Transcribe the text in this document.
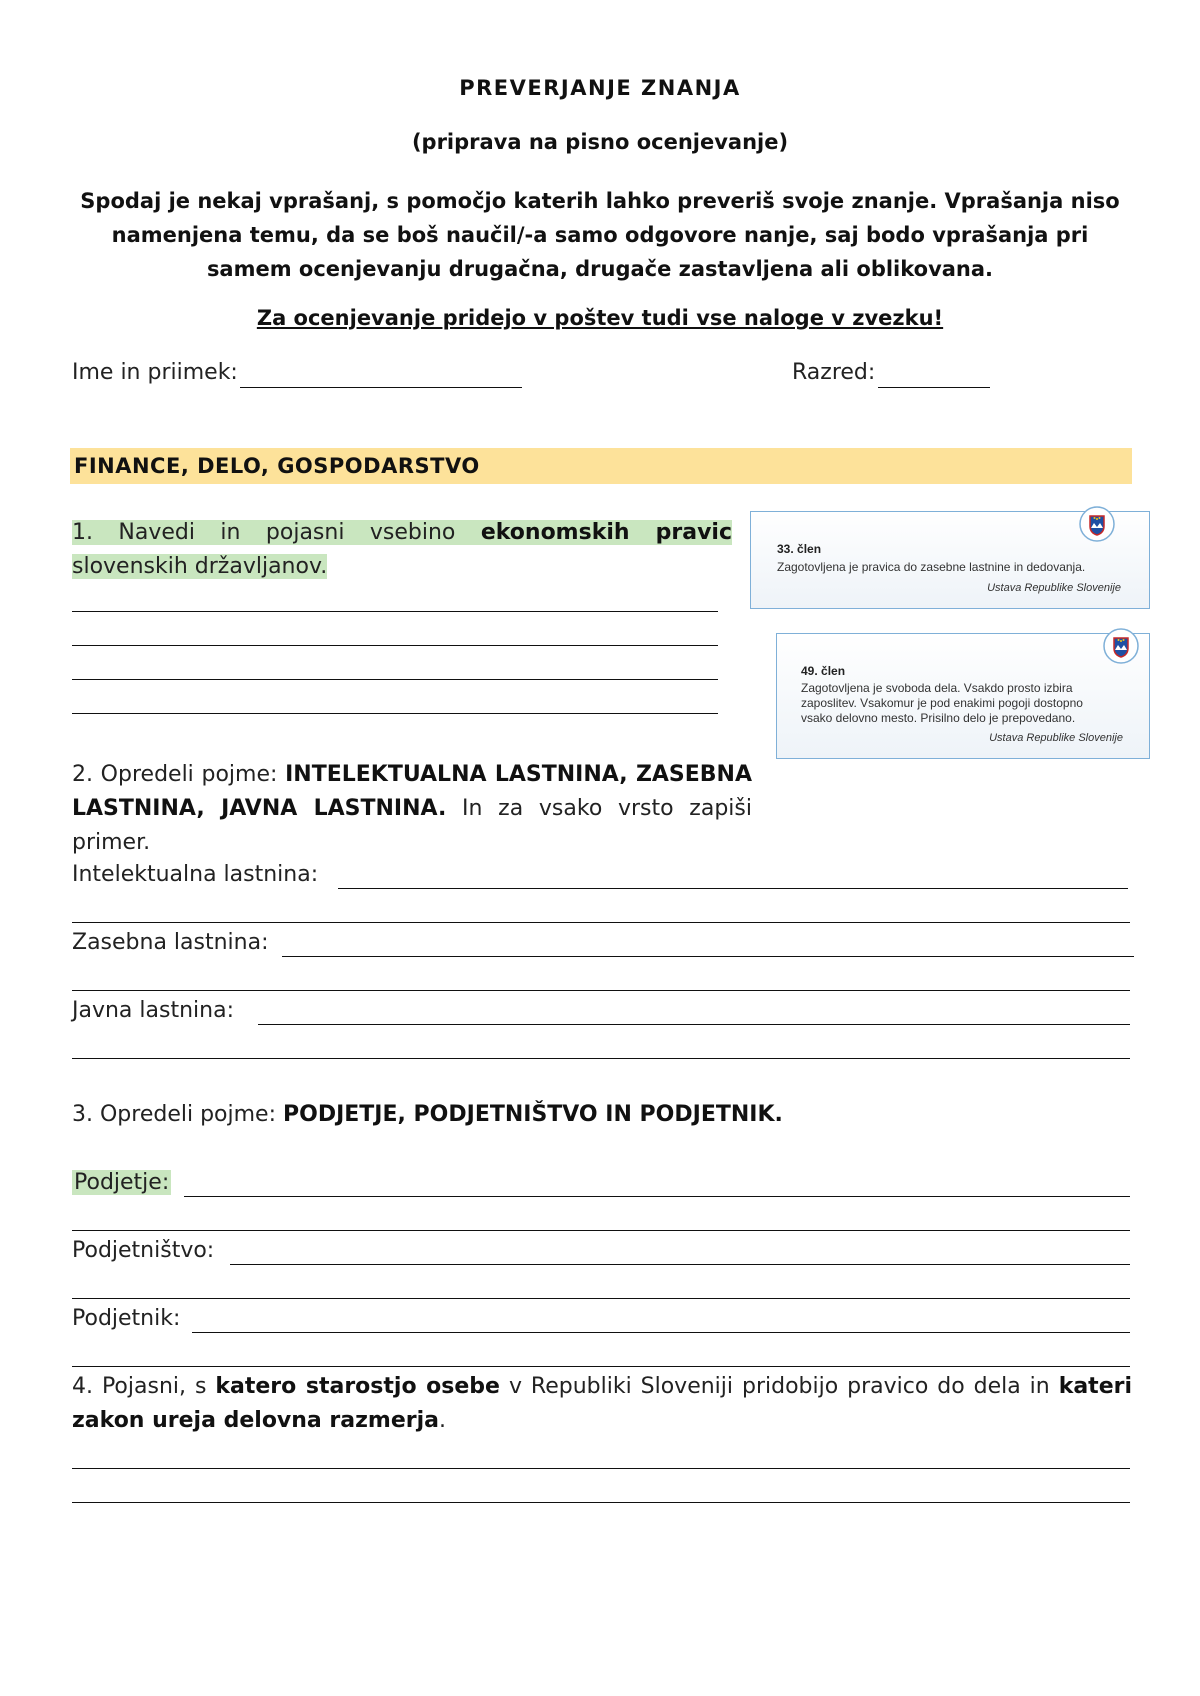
PREVERJANJE ZNANJA
(priprava na pisno ocenjevanje)
Spodaj je nekaj vprašanj, s pomočjo katerih lahko preveriš svoje znanje. Vprašanja niso namenjena temu, da se boš naučil/-a samo odgovore nanje, saj bodo vprašanja pri samem ocenjevanju drugačna, drugače zastavljena ali oblikovana.
Za ocenjevanje pridejo v poštev tudi vse naloge v zvezku!
Ime in priimek:	Razred:
FINANCE, DELO, GOSPODARSTVO
1. Navedi in pojasni vsebino ekonomskih pravic slovenskih državljanov.
33. člen
Zagotovljena je pravica do zasebne lastnine in dedovanja.
Ustava Republike Slovenije
49. člen
Zagotovljena je svoboda dela. Vsakdo prosto izbira zaposlitev. Vsakomur je pod enakimi pogoji dostopno vsako delovno mesto. Prisilno delo je prepovedano.
Ustava Republike Slovenije
2. Opredeli pojme: INTELEKTUALNA LASTNINA, ZASEBNA LASTNINA, JAVNA LASTNINA. In za vsako vrsto zapiši primer.
Intelektualna lastnina:
Zasebna lastnina:
Javna lastnina:
3. Opredeli pojme: PODJETJE, PODJETNIŠTVO IN PODJETNIK.
Podjetje:
Podjetništvo:
Podjetnik:
4. Pojasni, s katero starostjo osebe v Republiki Sloveniji pridobijo pravico do dela in kateri zakon ureja delovna razmerja.
